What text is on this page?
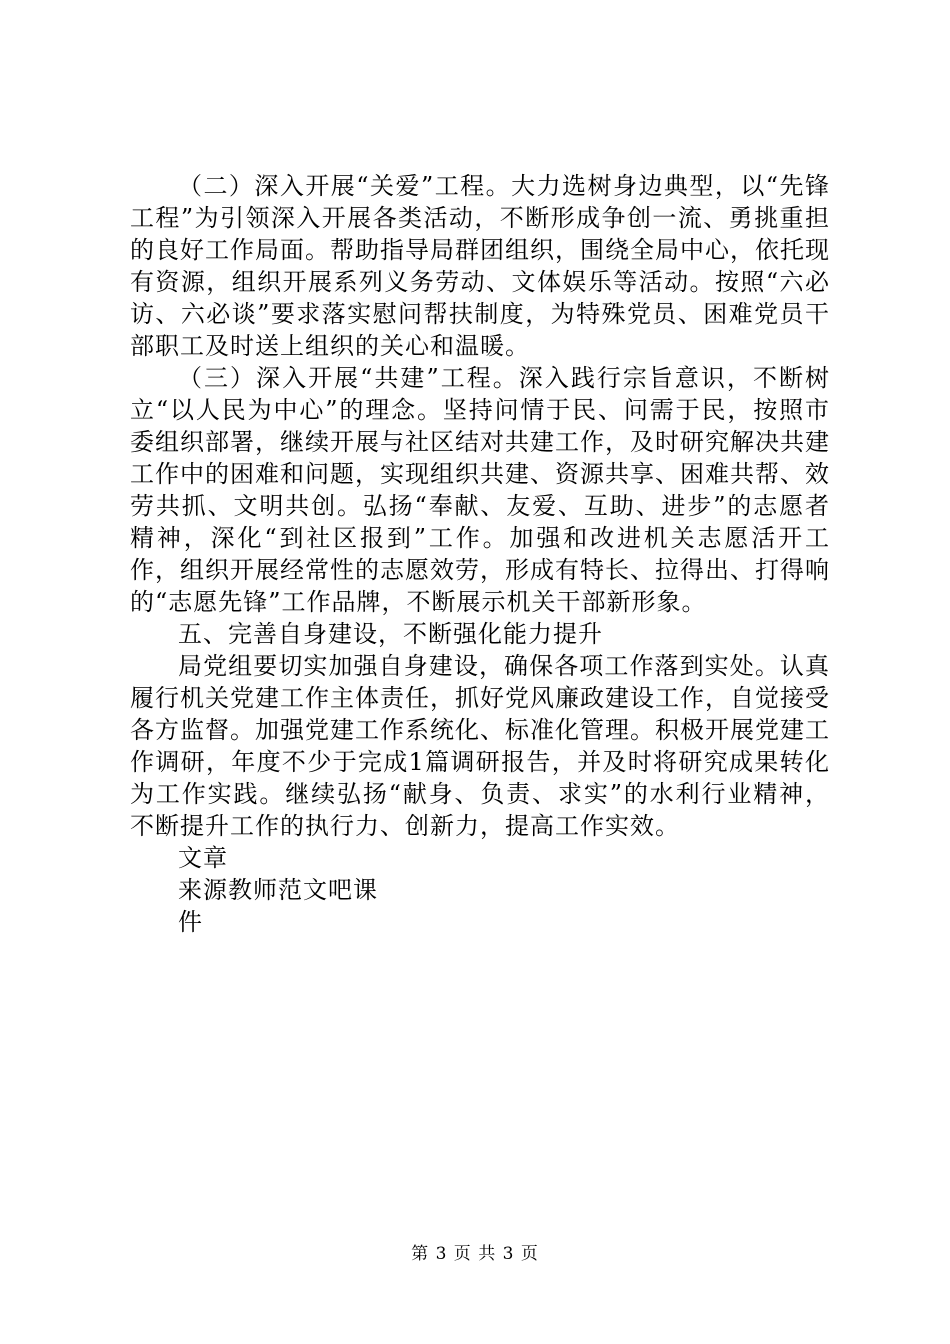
（二）深入开展“关爱”工程。大力选树身边典型，以“先锋工程”为引领深入开展各类活动，不断形成争创一流、勇挑重担的良好工作局面。帮助指导局群团组织，围绕全局中心，依托现有资源，组织开展系列义务劳动、文体娱乐等活动。按照“六必访、六必谈”要求落实慰问帮扶制度，为特殊党员、困难党员干部职工及时送上组织的关心和温暖。

（三）深入开展“共建”工程。深入践行宗旨意识，不断树立“以人民为中心”的理念。坚持问情于民、问需于民，按照市委组织部署，继续开展与社区结对共建工作，及时研究解决共建工作中的困难和问题，实现组织共建、资源共享、困难共帮、效劳共抓、文明共创。弘扬“奉献、友爱、互助、进步”的志愿者精神，深化“到社区报到”工作。加强和改进机关志愿活开工作，组织开展经常性的志愿效劳，形成有特长、拉得出、打得响的“志愿先锋”工作品牌，不断展示机关干部新形象。

五、完善自身建设，不断强化能力提升

局党组要切实加强自身建设，确保各项工作落到实处。认真履行机关党建工作主体责任，抓好党风廉政建设工作，自觉接受各方监督。加强党建工作系统化、标准化管理。积极开展党建工作调研，年度不少于完成1篇调研报告，并及时将研究成果转化为工作实践。继续弘扬“献身、负责、求实”的水利行业精神，不断提升工作的执行力、创新力，提高工作实效。

文章

来源教师范文吧课

件

第 3 页 共 3 页
